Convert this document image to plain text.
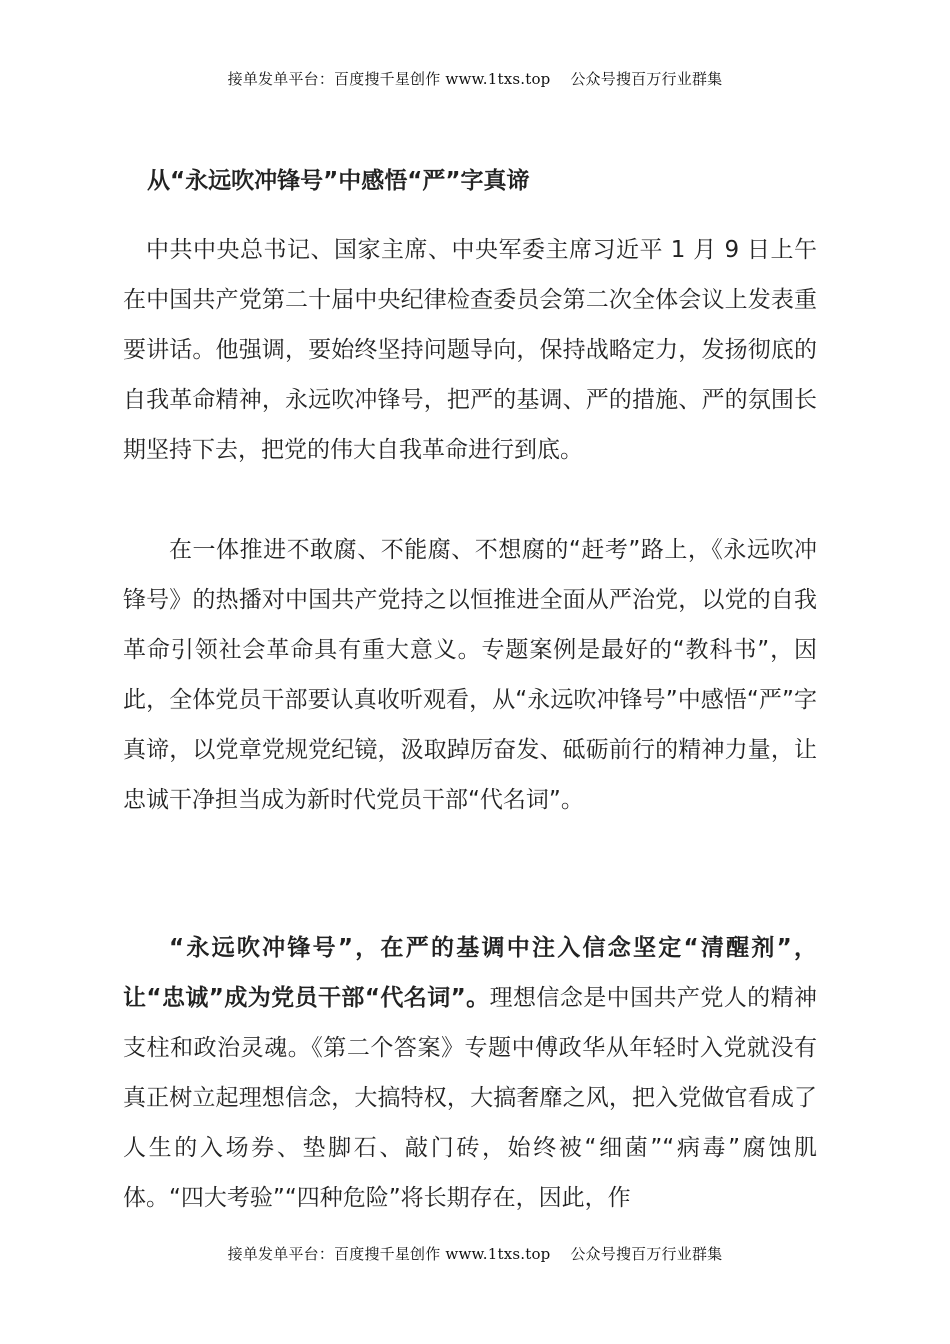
接单发单平台：百度搜千星创作 www.1txs.top    公众号搜百万行业群集
从“永远吹冲锋号”中感悟“严”字真谛

中共中央总书记、国家主席、中央军委主席习近平 1 月 9 日上午在中国共产党第二十届中央纪律检查委员会第二次全体会议上发表重要讲话。他强调，要始终坚持问题导向，保持战略定力，发扬彻底的自我革命精神，永远吹冲锋号，把严的基调、严的措施、严的氛围长期坚持下去，把党的伟大自我革命进行到底。

在一体推进不敢腐、不能腐、不想腐的“赶考”路上，《永远吹冲锋号》的热播对中国共产党持之以恒推进全面从严治党，以党的自我革命引领社会革命具有重大意义。专题案例是最好的“教科书”，因此，全体党员干部要认真收听观看，从“永远吹冲锋号”中感悟“严”字真谛，以党章党规党纪镜，汲取踔厉奋发、砥砺前行的精神力量，让忠诚干净担当成为新时代党员干部“代名词”。

“永远吹冲锋号”，在严的基调中注入信念坚定“清醒剂”，让“忠诚”成为党员干部“代名词”。理想信念是中国共产党人的精神支柱和政治灵魂。《第二个答案》专题中傅政华从年轻时入党就没有真正树立起理想信念，大搞特权，大搞奢靡之风，把入党做官看成了人生的入场券、垫脚石、敲门砖，始终被“细菌”“病毒”腐蚀肌体。“四大考验”“四种危险”将长期存在，因此，作

接单发单平台：百度搜千星创作 www.1txs.top    公众号搜百万行业群集
